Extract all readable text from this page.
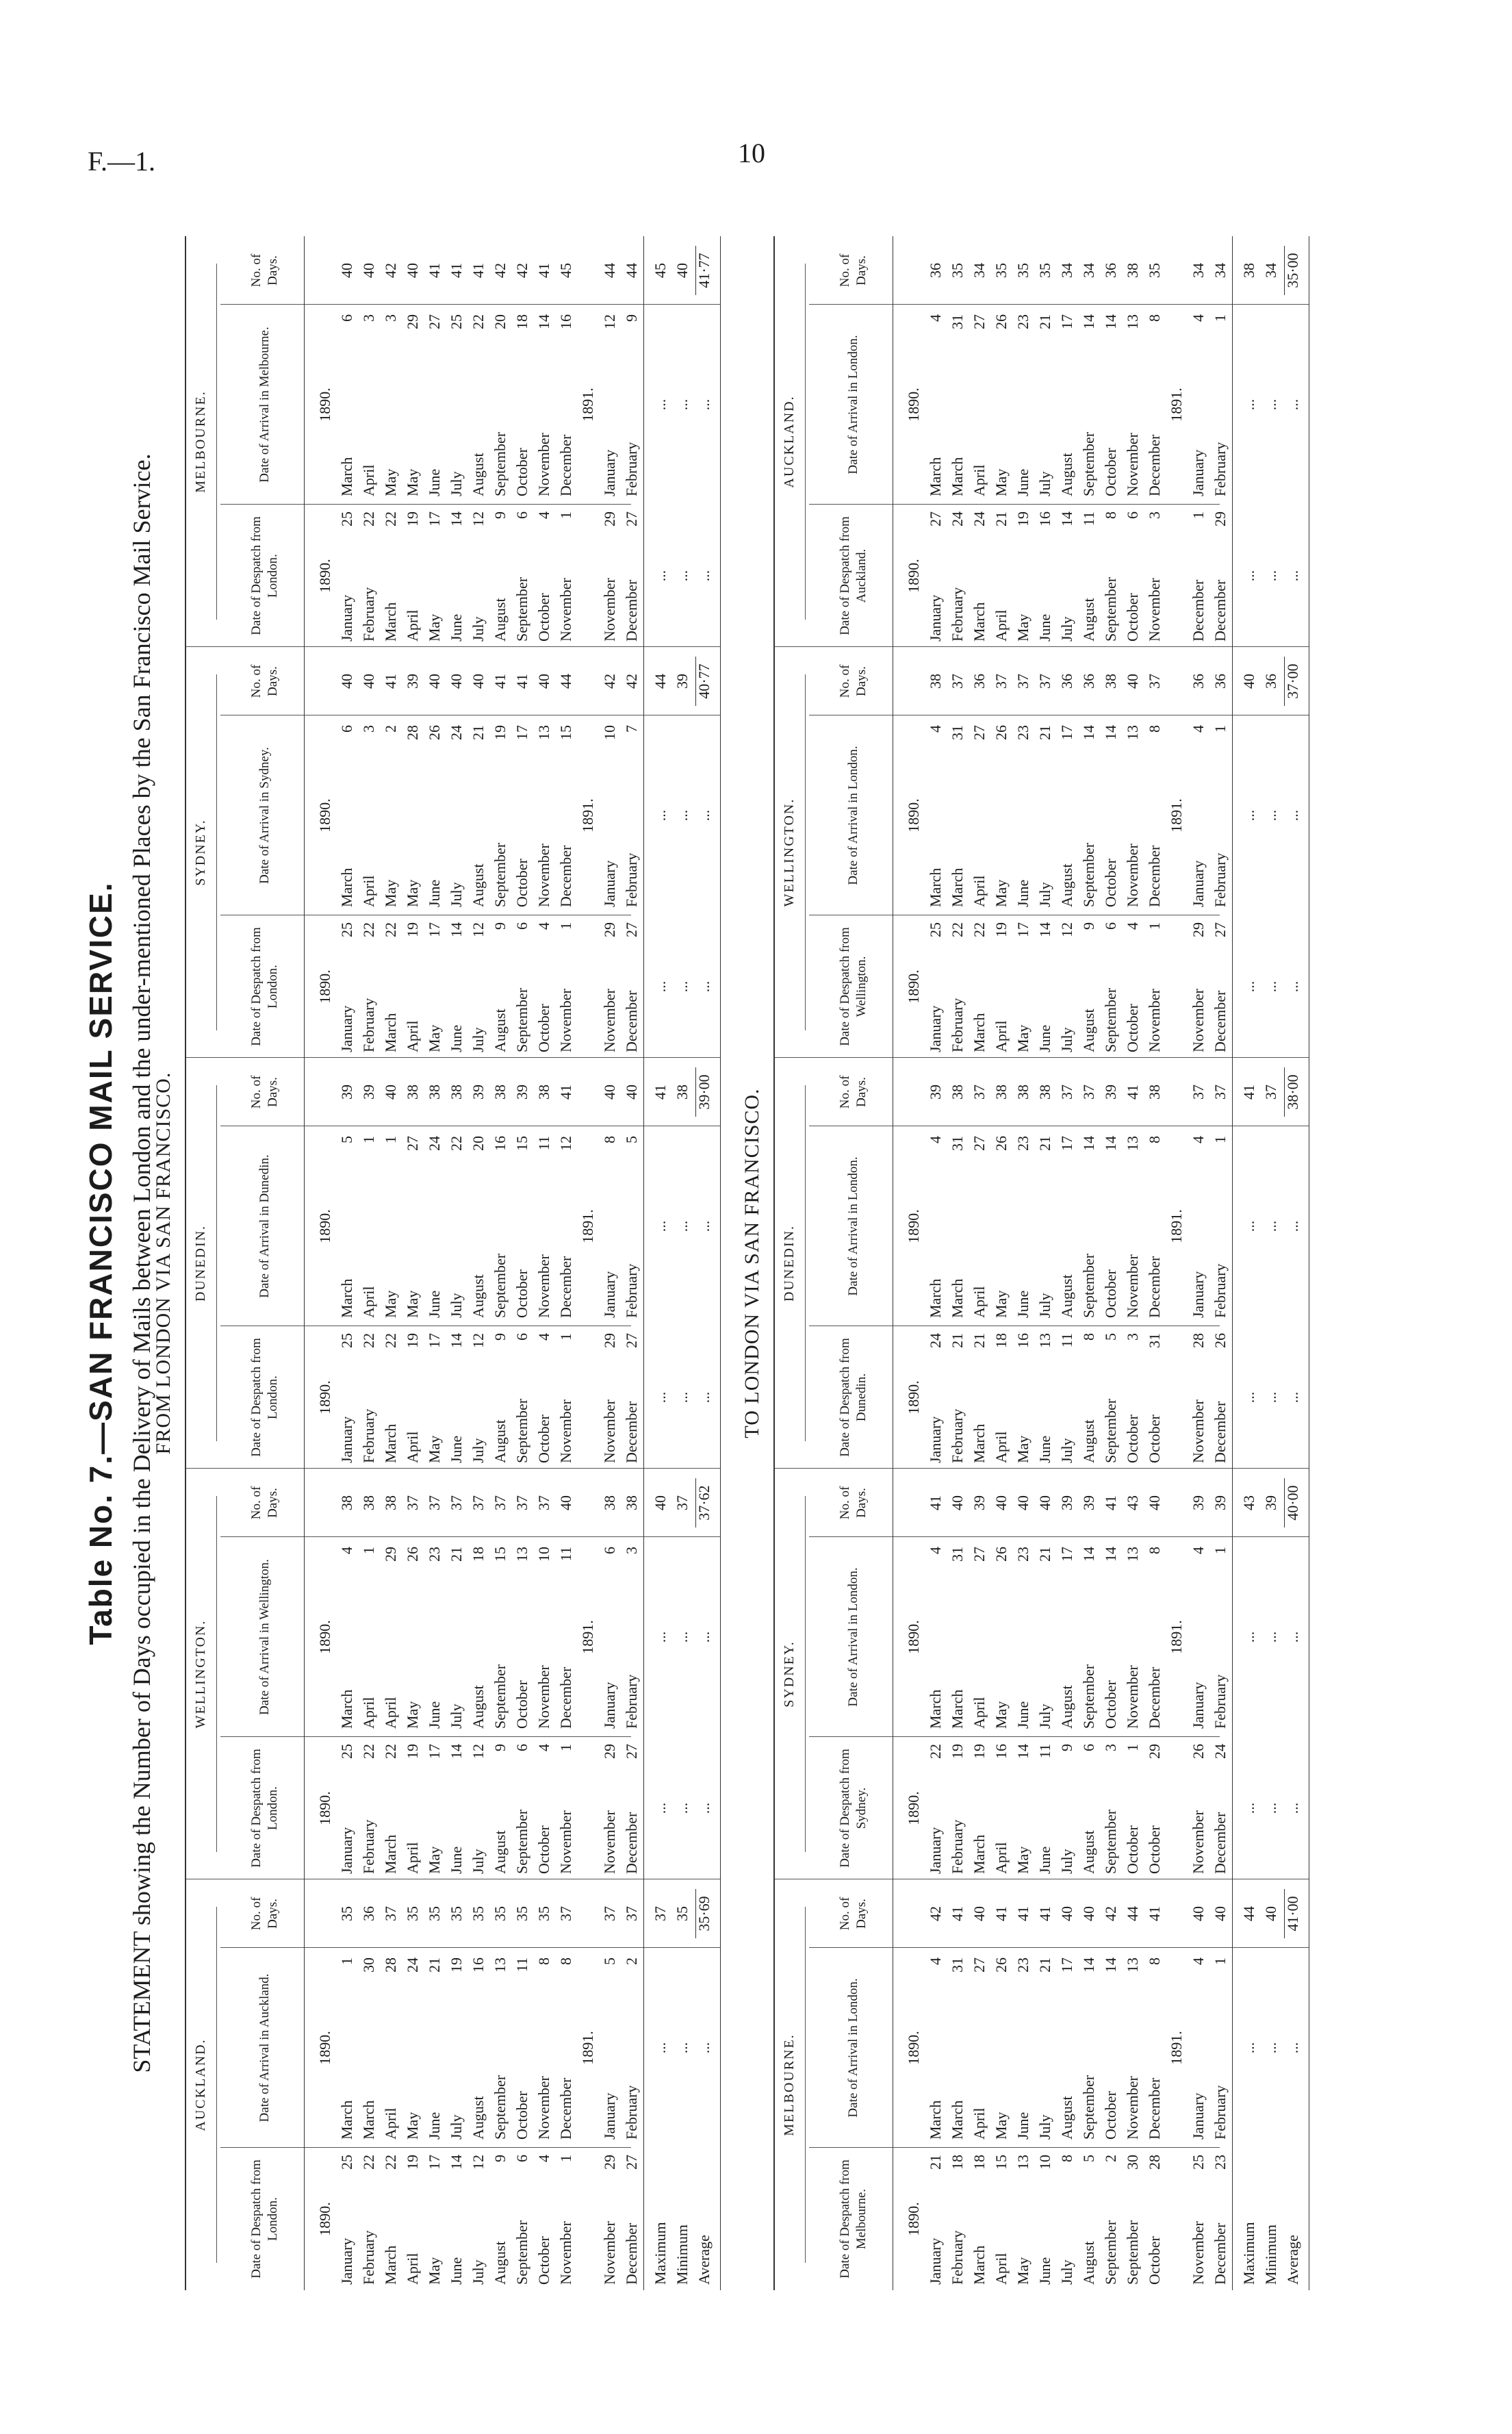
F.—1.	10
Table No. 7.—SAN FRANCISCO MAIL SERVICE. STATEMENT showing the Number of Days occupied in the Delivery of Mails between London and the under-mentioned Places by the San Francisco Mail Service.
FROM LONDON VIA SAN FRANCISCO.
AUCKLAND.
Date of Despatch from London.
Date of Arrival in Auckland.
No. of Days.
1890.
1890.
January
25
March
1
35
February
22
March
30
36
March
22
April
28
37
April
19
May
24
35
May
17
June
21
35
June
14
July
19
35
July
12
August
16
35
August
9
September
13
35
September
6
October
11
35
October
4
November
8
35
November
1
December
8
37
1891.
November
29
January
5
37
December
27
February
2
37
Maximum Minimum Average
...
37
...
35
...
35·69
WELLINGTON.
Date of Despatch from London.
Date of Arrival in Wellington.
No. of Days.
1890.
1890.
January
25
March
4
38
February
22
April
1
38
March
22
April
29
38
April
19
May
26
37
May
17
June
23
37
June
14
July
21
37
July
12
August
18
37
August
9
September
15
37
September
6
October
13
37
October
4
November
10
37
November
1
December
11
40
1891.
November
29
January
6
38
December
27
February
3
38
... ... ...
...
40
...
37
...
37·62
DUNEDIN.
Date of Despatch from London.
Date of Arrival in Dunedin.
No. of Days.
1890.
1890.
January
25
March
5
39
February
22
April
1
39
March
22
May
1
40
April
19
May
27
38
May
17
June
24
38
June
14
July
22
38
July
12
August
20
39
August
9
September
16
38
September
6
October
15
39
October
4
November
11
38
November
1
December
12
41
1891.
November
29
January
8
40
December
27
February
5
40
... ... ...
...
41
...
38
...
39·00
SYDNEY.
Date of Despatch from London.
Date of Arrival in Sydney.
No. of Days.
1890.
1890.
January
25
March
6
40
February
22
April
3
40
March
22
May
2
41
April
19
May
28
39
May
17
June
26
40
June
14
July
24
40
July
12
August
21
40
August
9
September
19
41
September
6
October
17
41
October
4
November
13
40
November
1
December
15
44
1891.
November
29
January
10
42
December
27
February
7
42
... ... ...
...
44
...
39
...
40·77
MELBOURNE.
Date of Despatch from London.
Date of Arrival in Melbourne.
No. of Days.
1890.
1890.
January
25
March
6
40
February
22
April
3
40
March
22
May
3
42
April
19
May
29
40
May
17
June
27
41
June
14
July
25
41
July
12
August
22
41
August
9
September
20
42
September
6
October
18
42
October
4
November
14
41
November
1
December
16
45
1891.
November
29
January
12
44
December
27
February
9
44
... ... ...
...
45
...
40
...
41·77
TO LONDON VIA SAN FRANCISCO.
MELBOURNE.
Date of Despatch from Melbourne.
Date of Arrival in London.
No. of Days.
1890.
1890.
January
21
March
4
42
February
18
March
31
41
March
18
April
27
40
April
15
May
26
41
May
13
June
23
41
June
10
July
21
41
July
8
August
17
40
August
5
September
14
40
September
2
October
14
42
September
30
November
13
44
October
28
December
8
41
1891.
November
25
January
4
40
December
23
February
1
40
Maximum Minimum Average
...
44
...
40
...
41·00
SYDNEY.
Date of Despatch from Sydney.
Date of Arrival in London.
No. of Days.
1890.
1890.
January
22
March
4
41
February
19
March
31
40
March
19
April
27
39
April
16
May
26
40
May
14
June
23
40
June
11
July
21
40
July
9
August
17
39
August
6
September
14
39
September
3
October
14
41
October
1
November
13
43
October
29
December
8
40
1891.
November
26
January
4
39
December
24
February
1
39
... ... ...
...
43
...
39
...
40·00
DUNEDIN.
Date of Despatch from Dunedin.
Date of Arrival in London.
No. of Days.
1890.
1890.
January
24
March
4
39
February
21
March
31
38
March
21
April
27
37
April
18
May
26
38
May
16
June
23
38
June
13
July
21
38
July
11
August
17
37
August
8
September
14
37
September
5
October
14
39
October
3
November
13
41
October
31
December
8
38
1891.
November
28
January
4
37
December
26
February
1
37
... ... ...
...
41
...
37
...
38·00
WELLINGTON.
Date of Despatch from Wellington.
Date of Arrival in London.
No. of Days.
1890.
1890.
January
25
March
4
38
February
22
March
31
37
March
22
April
27
36
April
19
May
26
37
May
17
June
23
37
June
14
July
21
37
July
12
August
17
36
August
9
September
14
36
September
6
October
14
38
October
4
November
13
40
November
1
December
8
37
1891.
November
29
January
4
36
December
27
February
1
36
... ... ...
...
40
...
36
...
37·00
AUCKLAND.
Date of Despatch from Auckland.
Date of Arrival in London.
No. of Days.
1890.
1890.
January
27
March
4
36
February
24
March
31
35
March
24
April
27
34
April
21
May
26
35
May
19
June
23
35
June
16
July
21
35
July
14
August
17
34
August
11
September
14
34
September
8
October
14
36
October
6
November
13
38
November
3
December
8
35
1891.
December
1
January
4
34
December
29
February
1
34
... ... ...
...
38
...
34
...
35·00
